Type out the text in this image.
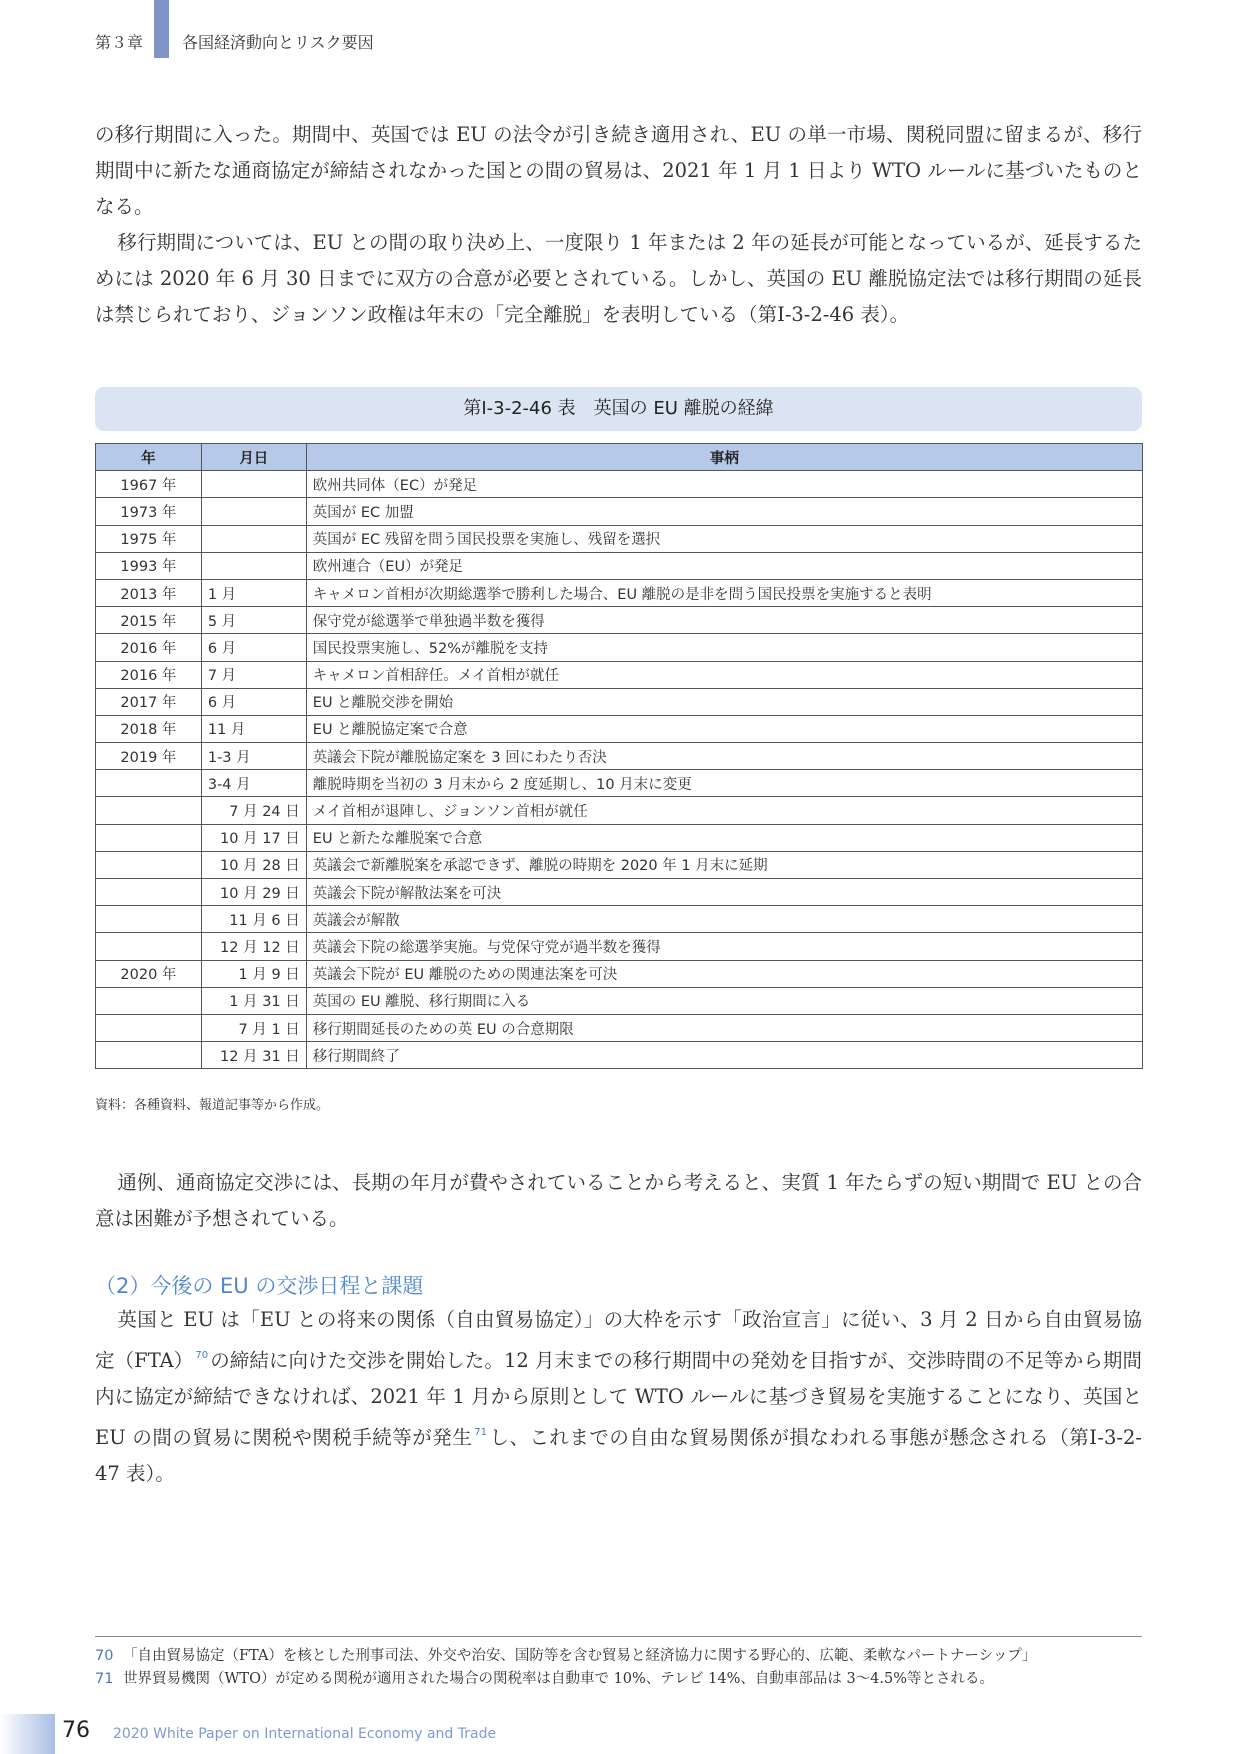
第３章 各国経済動向とリスク要因

の移行期間に入った。期間中、英国では EU の法令が引き続き適用され、EU の単一市場、関税同盟に留まるが、移行期間中に新たな通商協定が締結されなかった国との間の貿易は、2021 年 1 月 1 日より WTO ルールに基づいたものとなる。

移行期間については、EU との間の取り決め上、一度限り 1 年または 2 年の延長が可能となっているが、延長するためには 2020 年 6 月 30 日までに双方の合意が必要とされている。しかし、英国の EU 離脱協定法では移行期間の延長は禁じられており、ジョンソン政権は年末の「完全離脱」を表明している（第Ⅰ-3-2-46 表）。

第Ⅰ-3-2-46 表　英国の EU 離脱の経緯
年	月日	事柄
1967 年		欧州共同体（EC）が発足
1973 年		英国が EC 加盟
1975 年		英国が EC 残留を問う国民投票を実施し、残留を選択
1993 年		欧州連合（EU）が発足
2013 年	1 月	キャメロン首相が次期総選挙で勝利した場合、EU 離脱の是非を問う国民投票を実施すると表明
2015 年	5 月	保守党が総選挙で単独過半数を獲得
2016 年	6 月	国民投票実施し、52%が離脱を支持
2016 年	7 月	キャメロン首相辞任。メイ首相が就任
2017 年	6 月	EU と離脱交渉を開始
2018 年	11 月	EU と離脱協定案で合意
2019 年	1-3 月	英議会下院が離脱協定案を 3 回にわたり否決
	3-4 月	離脱時期を当初の 3 月末から 2 度延期し、10 月末に変更
	7 月 24 日	メイ首相が退陣し、ジョンソン首相が就任
	10 月 17 日	EU と新たな離脱案で合意
	10 月 28 日	英議会で新離脱案を承認できず、離脱の時期を 2020 年 1 月末に延期
	10 月 29 日	英議会下院が解散法案を可決
	11 月 6 日	英議会が解散
	12 月 12 日	英議会下院の総選挙実施。与党保守党が過半数を獲得
2020 年	1 月 9 日	英議会下院が EU 離脱のための関連法案を可決
	1 月 31 日	英国の EU 離脱、移行期間に入る
	7 月 1 日	移行期間延長のための英 EU の合意期限
	12 月 31 日	移行期間終了
資料：各種資料、報道記事等から作成。

通例、通商協定交渉には、長期の年月が費やされていることから考えると、実質 1 年たらずの短い期間で EU との合意は困難が予想されている。

（2）今後の EU の交渉日程と課題

英国と EU は「EU との将来の関係（自由貿易協定）」の大枠を示す「政治宣言」に従い、3 月 2 日から自由貿易協定（FTA） $^{70}$ の締結に向けた交渉を開始した。12 月末までの移行期間中の発効を目指すが、交渉時間の不足等から期間内に協定が締結できなければ、2021 年 1 月から原則として WTO ルールに基づき貿易を実施することになり、英国と EU の間の貿易に関税や関税手続等が発生 $^{71}$ し、これまでの自由な貿易関係が損なわれる事態が懸念される（第Ⅰ-3-2-47 表）。

70 「自由貿易協定（FTA）を核とした刑事司法、外交や治安、国防等を含む貿易と経済協力に関する野心的、広範、柔軟なパートナーシップ」
71 世界貿易機関（WTO）が定める関税が適用された場合の関税率は自動車で 10%、テレビ 14%、自動車部品は 3～4.5%等とされる。
76 2020 White Paper on International Economy and Trade
